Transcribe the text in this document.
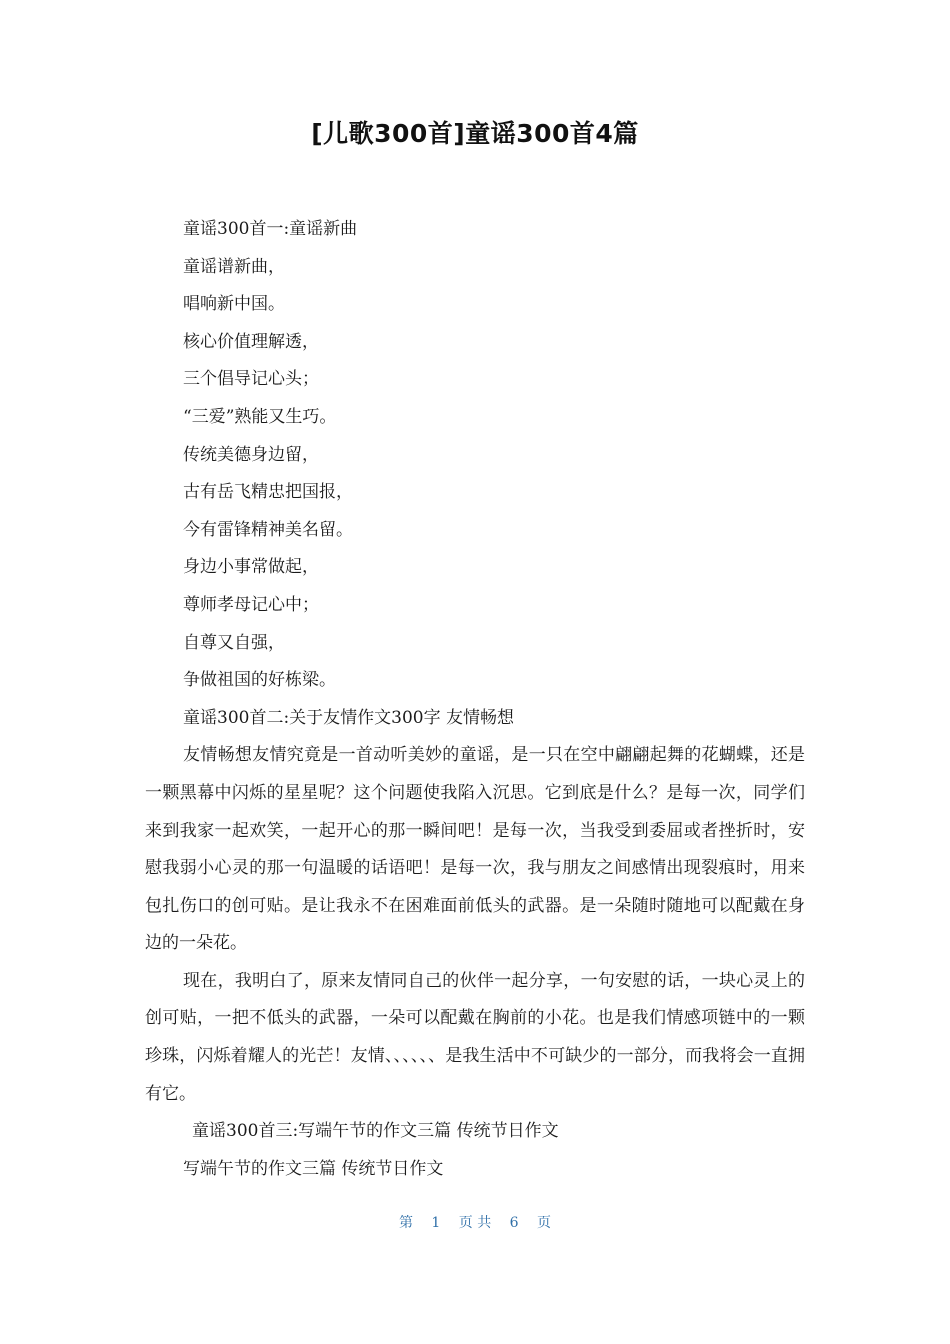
[儿歌300首]童谣300首4篇
童谣300首一:童谣新曲
童谣谱新曲，
唱响新中国。
核心价值理解透，
三个倡导记心头；
“三爱”熟能又生巧。
传统美德身边留，
古有岳飞精忠把国报，
今有雷锋精神美名留。
身边小事常做起，
尊师孝母记心中；
自尊又自强，
争做祖国的好栋梁。
童谣300首二:关于友情作文300字 友情畅想

友情畅想友情究竟是一首动听美妙的童谣，是一只在空中翩翩起舞的花蝴蝶，还是一颗黑幕中闪烁的星星呢？这个问题使我陷入沉思。它到底是什么？是每一次，同学们来到我家一起欢笑，一起开心的那一瞬间吧！是每一次，当我受到委屈或者挫折时，安慰我弱小心灵的那一句温暖的话语吧！是每一次，我与朋友之间感情出现裂痕时，用来包扎伤口的创可贴。是让我永不在困难面前低头的武器。是一朵随时随地可以配戴在身边的一朵花。

现在，我明白了，原来友情同自己的伙伴一起分享，一句安慰的话，一块心灵上的创可贴，一把不低头的武器，一朵可以配戴在胸前的小花。也是我们情感项链中的一颗珍珠，闪烁着耀人的光芒！友情、、、、、、是我生活中不可缺少的一部分，而我将会一直拥有它。

童谣300首三:写端午节的作文三篇 传统节日作文
写端午节的作文三篇 传统节日作文
第 1 页 共 6 页
